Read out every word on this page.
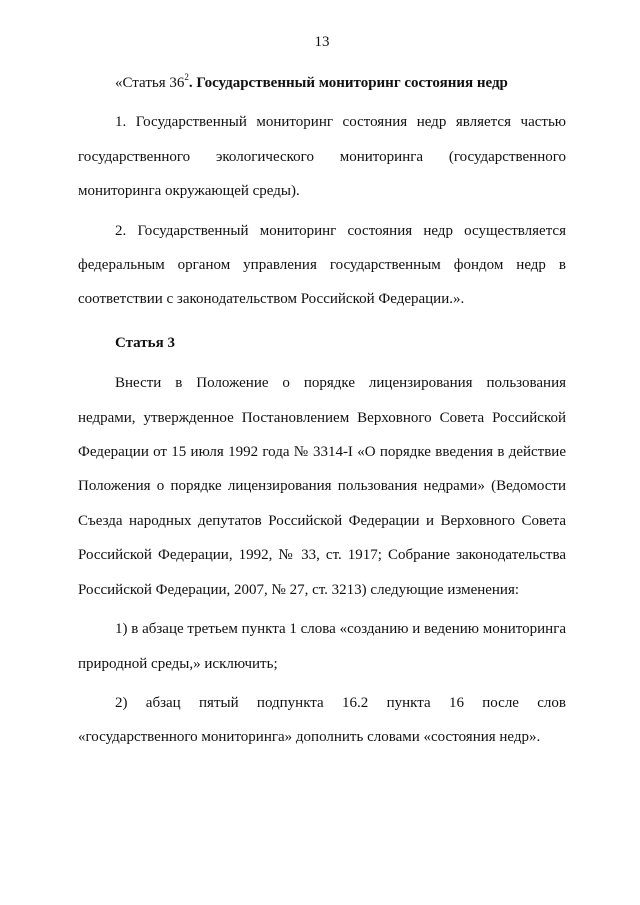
13

«Статья $36^2$. Государственный мониторинг состояния недр

1. Государственный мониторинг состояния недр является частью государственного экологического мониторинга (государственного мониторинга окружающей среды).

2. Государственный мониторинг состояния недр осуществляется федеральным органом управления государственным фондом недр в соответствии с законодательством Российской Федерации.».

Статья 3

Внести в Положение о порядке лицензирования пользования недрами, утвержденное Постановлением Верховного Совета Российской Федерации от 15 июля 1992 года № 3314-I «О порядке введения в действие Положения о порядке лицензирования пользования недрами» (Ведомости Съезда народных депутатов Российской Федерации и Верховного Совета Российской Федерации, 1992, № 33, ст. 1917; Собрание законодательства Российской Федерации, 2007, № 27, ст. 3213) следующие изменения:

1) в абзаце третьем пункта 1 слова «созданию и ведению мониторинга природной среды,» исключить;

2) абзац пятый подпункта 16.2 пункта 16 после слов «государственного мониторинга» дополнить словами «состояния недр».
